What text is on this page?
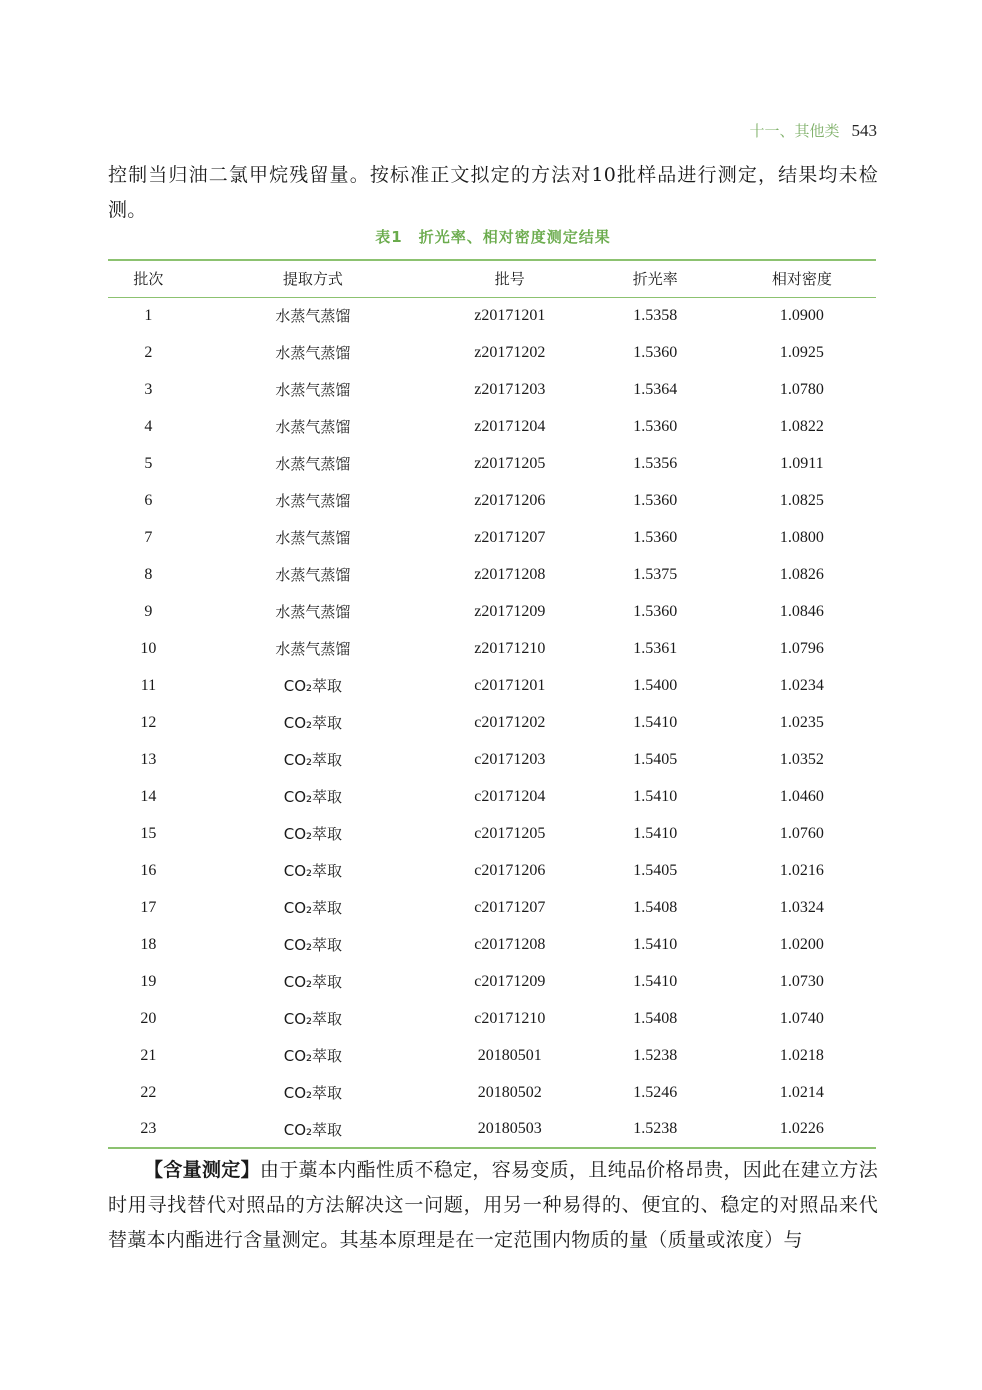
十一、其他类 543
控制当归油二氯甲烷残留量。按标准正文拟定的方法对10批样品进行测定，结果均未检测。
表1　折光率、相对密度测定结果
批次	提取方式	批号	折光率	相对密度
1	水蒸气蒸馏	z20171201	1.5358	1.0900
2	水蒸气蒸馏	z20171202	1.5360	1.0925
3	水蒸气蒸馏	z20171203	1.5364	1.0780
4	水蒸气蒸馏	z20171204	1.5360	1.0822
5	水蒸气蒸馏	z20171205	1.5356	1.0911
6	水蒸气蒸馏	z20171206	1.5360	1.0825
7	水蒸气蒸馏	z20171207	1.5360	1.0800
8	水蒸气蒸馏	z20171208	1.5375	1.0826
9	水蒸气蒸馏	z20171209	1.5360	1.0846
10	水蒸气蒸馏	z20171210	1.5361	1.0796
11	CO₂萃取	c20171201	1.5400	1.0234
12	CO₂萃取	c20171202	1.5410	1.0235
13	CO₂萃取	c20171203	1.5405	1.0352
14	CO₂萃取	c20171204	1.5410	1.0460
15	CO₂萃取	c20171205	1.5410	1.0760
16	CO₂萃取	c20171206	1.5405	1.0216
17	CO₂萃取	c20171207	1.5408	1.0324
18	CO₂萃取	c20171208	1.5410	1.0200
19	CO₂萃取	c20171209	1.5410	1.0730
20	CO₂萃取	c20171210	1.5408	1.0740
21	CO₂萃取	20180501	1.5238	1.0218
22	CO₂萃取	20180502	1.5246	1.0214
23	CO₂萃取	20180503	1.5238	1.0226
【含量测定】由于藁本内酯性质不稳定，容易变质，且纯品价格昂贵，因此在建立方法时用寻找替代对照品的方法解决这一问题，用另一种易得的、便宜的、稳定的对照品来代替藁本内酯进行含量测定。其基本原理是在一定范围内物质的量（质量或浓度）与
